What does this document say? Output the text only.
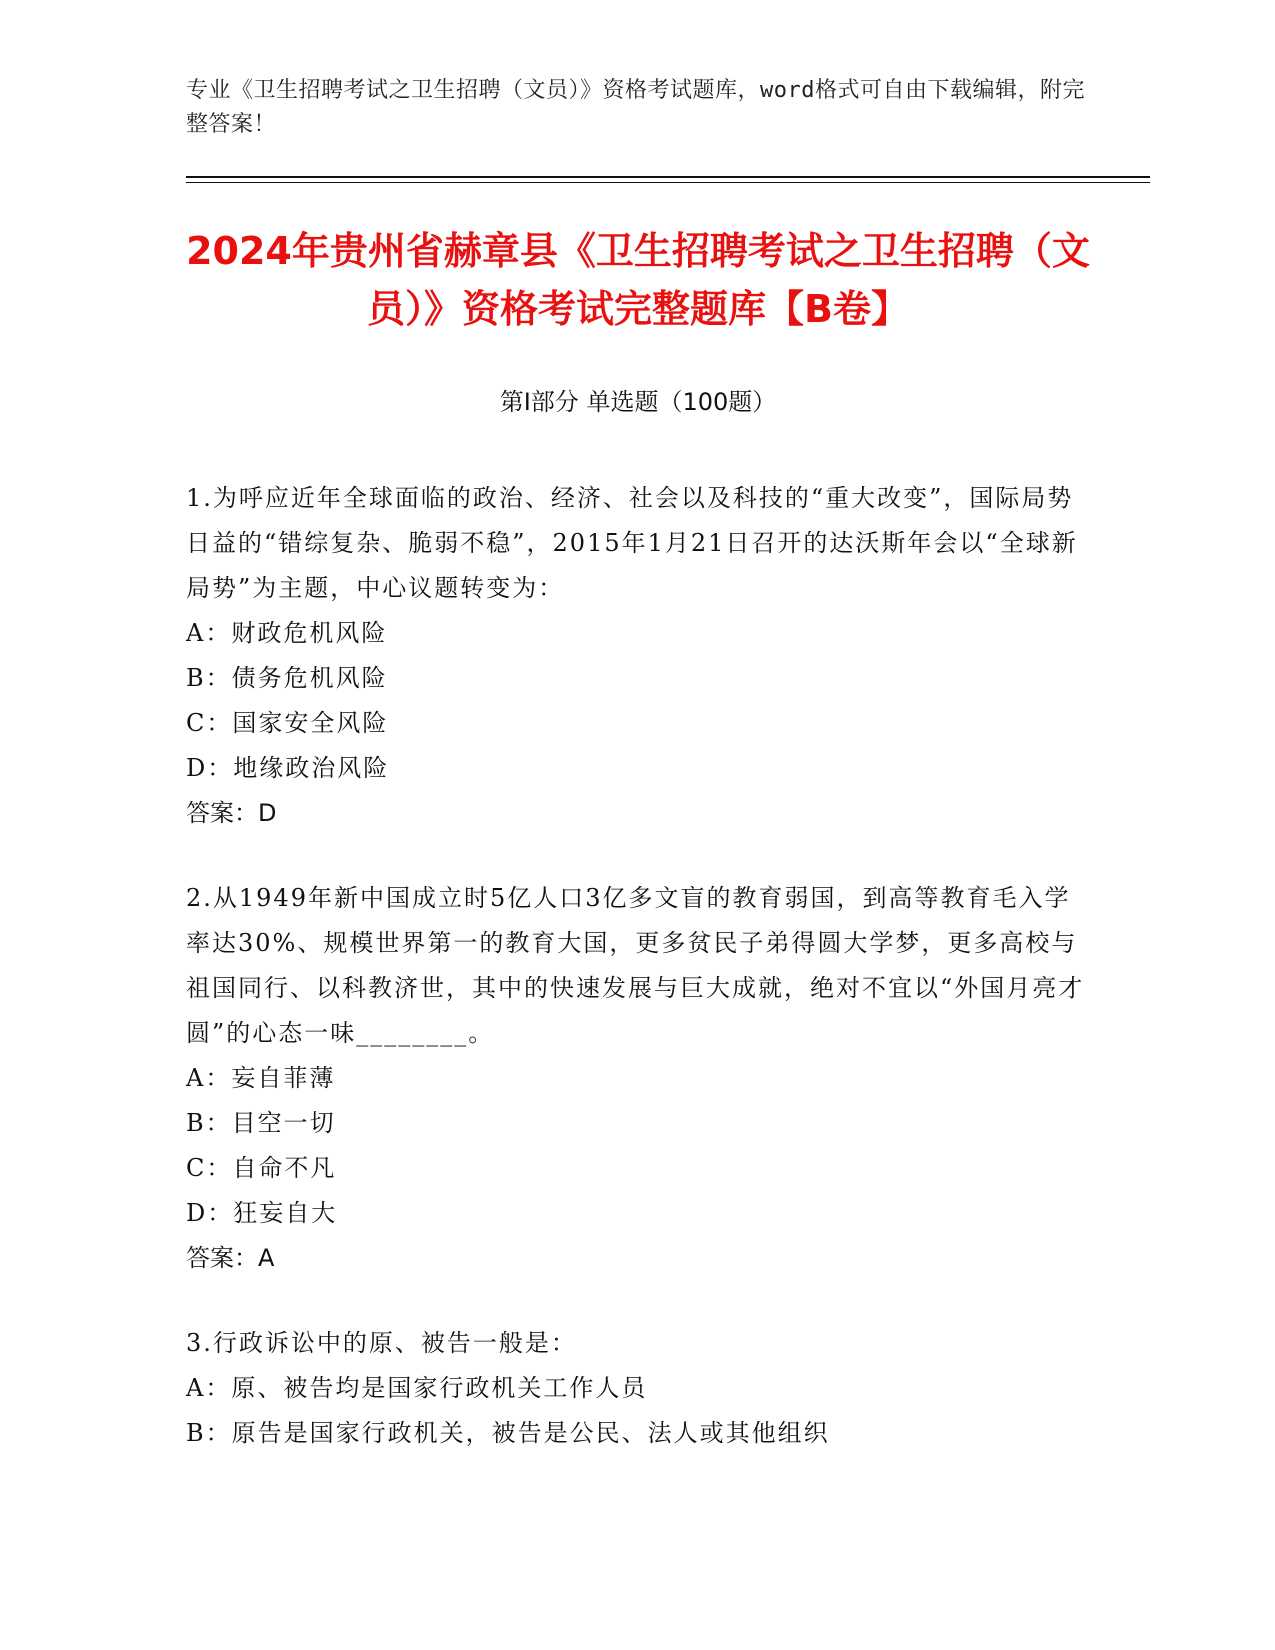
专业《卫生招聘考试之卫生招聘（文员）》资格考试题库，word格式可自由下载编辑，附完整答案！
2024年贵州省赫章县《卫生招聘考试之卫生招聘（文员）》资格考试完整题库【B卷】
第I部分 单选题（100题）

1.为呼应近年全球面临的政治、经济、社会以及科技的“重大改变”，国际局势日益的“错综复杂、脆弱不稳”，2015年1月21日召开的达沃斯年会以“全球新局势”为主题，中心议题转变为：

A：财政危机风险

B：债务危机风险

C：国家安全风险

D：地缘政治风险

答案：D

2.从1949年新中国成立时5亿人口3亿多文盲的教育弱国，到高等教育毛入学率达30%、规模世界第一的教育大国，更多贫民子弟得圆大学梦，更多高校与祖国同行、以科教济世，其中的快速发展与巨大成就，绝对不宜以“外国月亮才圆”的心态一味________。

A：妄自菲薄

B：目空一切

C：自命不凡

D：狂妄自大

答案：A

3.行政诉讼中的原、被告一般是：

A：原、被告均是国家行政机关工作人员

B：原告是国家行政机关，被告是公民、法人或其他组织
